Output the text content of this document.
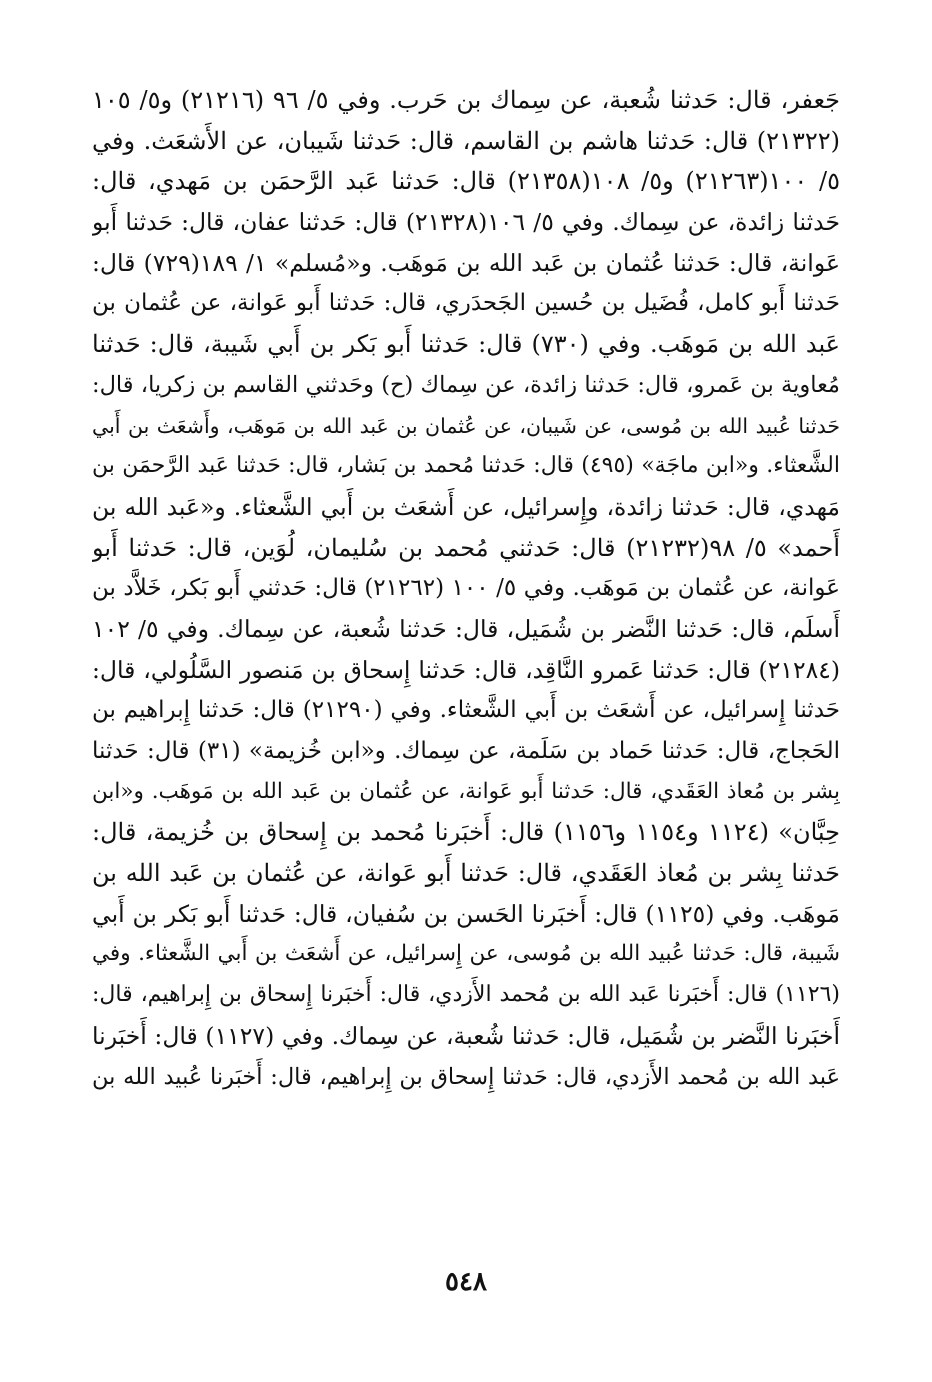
جَعفر، قال: حَدثنا شُعبة، عن سِماك بن حَرب. وفي ٥/ ٩٦ (٢١٢١٦) و٥/ ١٠٥
(٢١٣٢٢) قال: حَدثنا هاشم بن القاسم، قال: حَدثنا شَيبان، عن الأَشعَث. وفي
٥/ ١٠٠(٢١٢٦٣) و٥/ ١٠٨(٢١٣٥٨) قال: حَدثنا عَبد الرَّحمَن بن مَهدي، قال:
حَدثنا زائدة، عن سِماك. وفي ٥/ ١٠٦(٢١٣٢٨) قال: حَدثنا عفان، قال: حَدثنا أَبو
عَوانة، قال: حَدثنا عُثمان بن عَبد الله بن مَوهَب. و«مُسلم» ١/ ١٨٩(٧٢٩) قال:
حَدثنا أَبو كامل، فُضَيل بن حُسين الجَحدَري، قال: حَدثنا أَبو عَوانة، عن عُثمان بن
عَبد الله بن مَوهَب. وفي (٧٣٠) قال: حَدثنا أَبو بَكر بن أَبي شَيبة، قال: حَدثنا
مُعاوية بن عَمرو، قال: حَدثنا زائدة، عن سِماك (ح) وحَدثني القاسم بن زكريا، قال:
حَدثنا عُبيد الله بن مُوسى، عن شَيبان، عن عُثمان بن عَبد الله بن مَوهَب، وأَشعَث بن أَبي
الشَّعثاء. و«ابن ماجَة» (٤٩٥) قال: حَدثنا مُحمد بن بَشار، قال: حَدثنا عَبد الرَّحمَن بن
مَهدي، قال: حَدثنا زائدة، وإِسرائيل، عن أَشعَث بن أَبي الشَّعثاء. و«عَبد الله بن
أَحمد» ٥/ ٩٨(٢١٢٣٢) قال: حَدثني مُحمد بن سُليمان، لُوَين، قال: حَدثنا أَبو
عَوانة، عن عُثمان بن مَوهَب. وفي ٥/ ١٠٠ (٢١٢٦٢) قال: حَدثني أَبو بَكر، خَلاَّد بن
أَسلَم، قال: حَدثنا النَّضر بن شُمَيل، قال: حَدثنا شُعبة، عن سِماك. وفي ٥/ ١٠٢
(٢١٢٨٤) قال: حَدثنا عَمرو النَّاقِد، قال: حَدثنا إِسحاق بن مَنصور السَّلُولي، قال:
حَدثنا إِسرائيل، عن أَشعَث بن أَبي الشَّعثاء. وفي (٢١٢٩٠) قال: حَدثنا إِبراهيم بن
الحَجاج، قال: حَدثنا حَماد بن سَلَمة، عن سِماك. و«ابن خُزيمة» (٣١) قال: حَدثنا
بِشر بن مُعاذ العَقَدي، قال: حَدثنا أَبو عَوانة، عن عُثمان بن عَبد الله بن مَوهَب. و«ابن
حِبَّان» (١١٢٤ و١١٥٤ و١١٥٦) قال: أَخبَرنا مُحمد بن إِسحاق بن خُزيمة، قال:
حَدثنا بِشر بن مُعاذ العَقَدي، قال: حَدثنا أَبو عَوانة، عن عُثمان بن عَبد الله بن
مَوهَب. وفي (١١٢٥) قال: أَخبَرنا الحَسن بن سُفيان، قال: حَدثنا أَبو بَكر بن أَبي
شَيبة، قال: حَدثنا عُبيد الله بن مُوسى، عن إِسرائيل، عن أَشعَث بن أَبي الشَّعثاء. وفي
(١١٢٦) قال: أَخبَرنا عَبد الله بن مُحمد الأَزدي، قال: أَخبَرنا إِسحاق بن إِبراهيم، قال:
أَخبَرنا النَّضر بن شُمَيل، قال: حَدثنا شُعبة، عن سِماك. وفي (١١٢٧) قال: أَخبَرنا
عَبد الله بن مُحمد الأَزدي، قال: حَدثنا إِسحاق بن إِبراهيم، قال: أَخبَرنا عُبيد الله بن
٥٤٨
